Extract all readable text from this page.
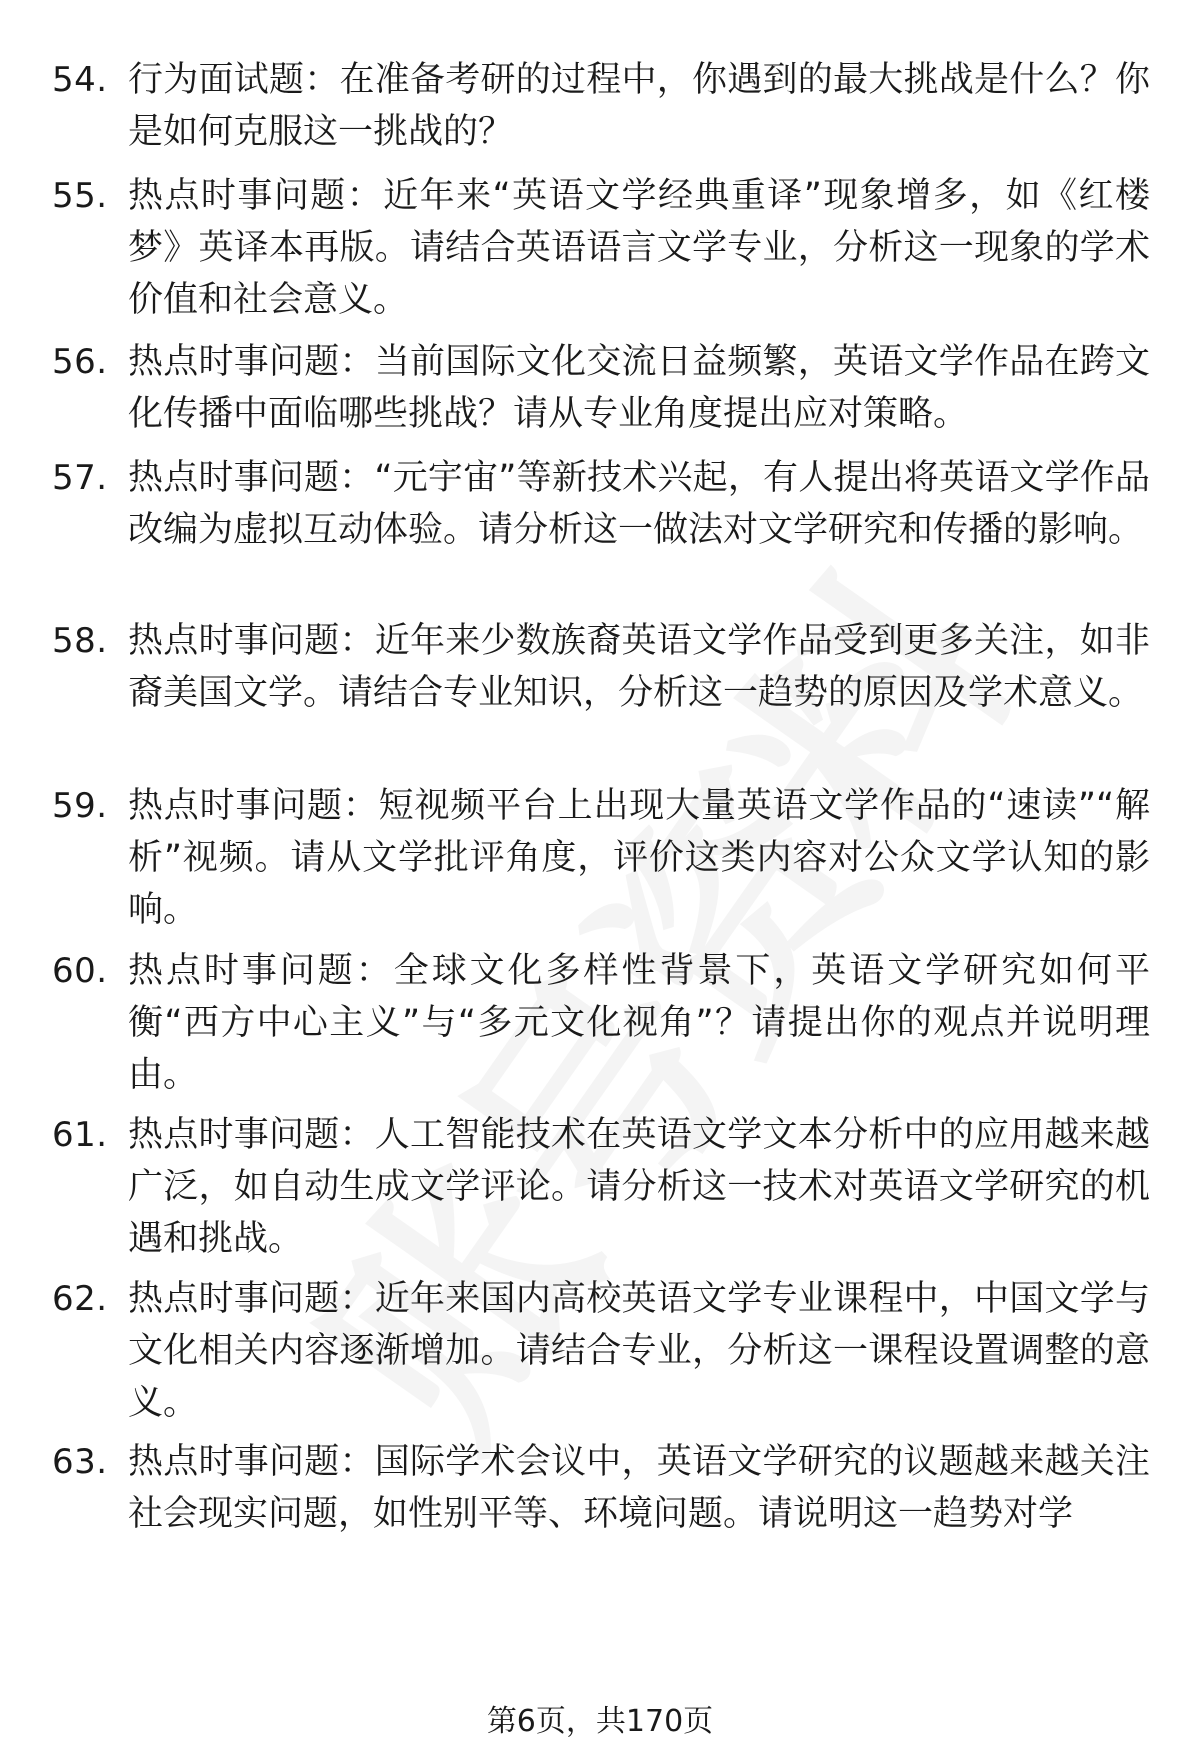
54. 行为面试题：在准备考研的过程中，你遇到的最大挑战是什么？你是如何克服这一挑战的？
55. 热点时事问题：近年来“英语文学经典重译”现象增多，如《红楼梦》英译本再版。请结合英语语言文学专业，分析这一现象的学术价值和社会意义。
56. 热点时事问题：当前国际文化交流日益频繁，英语文学作品在跨文化传播中面临哪些挑战？请从专业角度提出应对策略。
57. 热点时事问题：“元宇宙”等新技术兴起，有人提出将英语文学作品改编为虚拟互动体验。请分析这一做法对文学研究和传播的影响。
58. 热点时事问题：近年来少数族裔英语文学作品受到更多关注，如非裔美国文学。请结合专业知识，分析这一趋势的原因及学术意义。
59. 热点时事问题：短视频平台上出现大量英语文学作品的“速读”“解析”视频。请从文学批评角度，评价这类内容对公众文学认知的影响。
60. 热点时事问题：全球文化多样性背景下，英语文学研究如何平衡“西方中心主义”与“多元文化视角”？请提出你的观点并说明理由。
61. 热点时事问题：人工智能技术在英语文学文本分析中的应用越来越广泛，如自动生成文学评论。请分析这一技术对英语文学研究的机遇和挑战。
62. 热点时事问题：近年来国内高校英语文学专业课程中，中国文学与文化相关内容逐渐增加。请结合专业，分析这一课程设置调整的意义。
63. 热点时事问题：国际学术会议中，英语文学研究的议题越来越关注社会现实问题，如性别平等、环境问题。请说明这一趋势对学
第6页，共170页
